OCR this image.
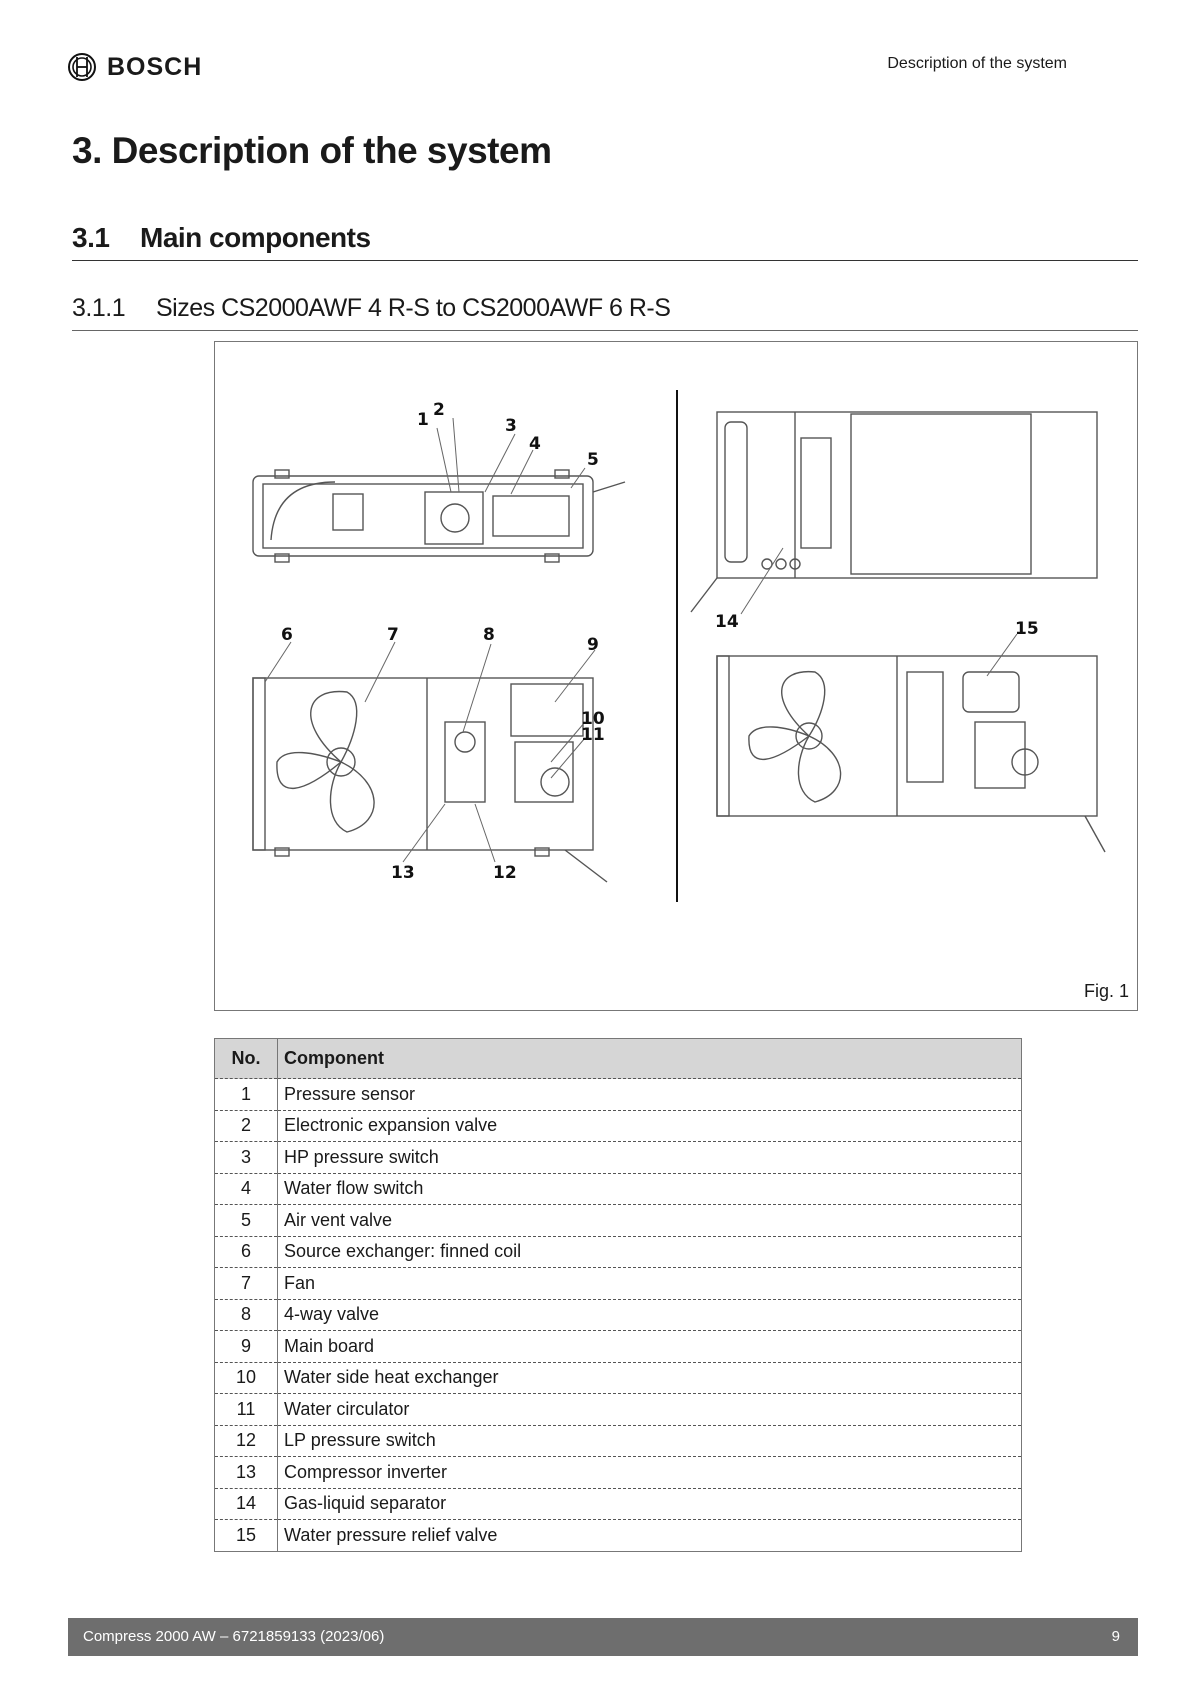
BOSCH	Description of the system
3. Description of the system
3.1 Main components
3.1.1 Sizes CS2000AWF 4 R-S to CS2000AWF 6 R-S
1 2
3
4
5
6	7	8	9
10
11
12
13
14	15
Fig. 1
No.	Component
1	Pressure sensor
2	Electronic expansion valve
3	HP pressure switch
4	Water flow switch
5	Air vent valve
6	Source exchanger: finned coil
7	Fan
8	4-way valve
9	Main board
10	Water side heat exchanger
11	Water circulator
12	LP pressure switch
13	Compressor inverter
14	Gas-liquid separator
15	Water pressure relief valve
Compress 2000 AW – 6721859133 (2023/06)	9
